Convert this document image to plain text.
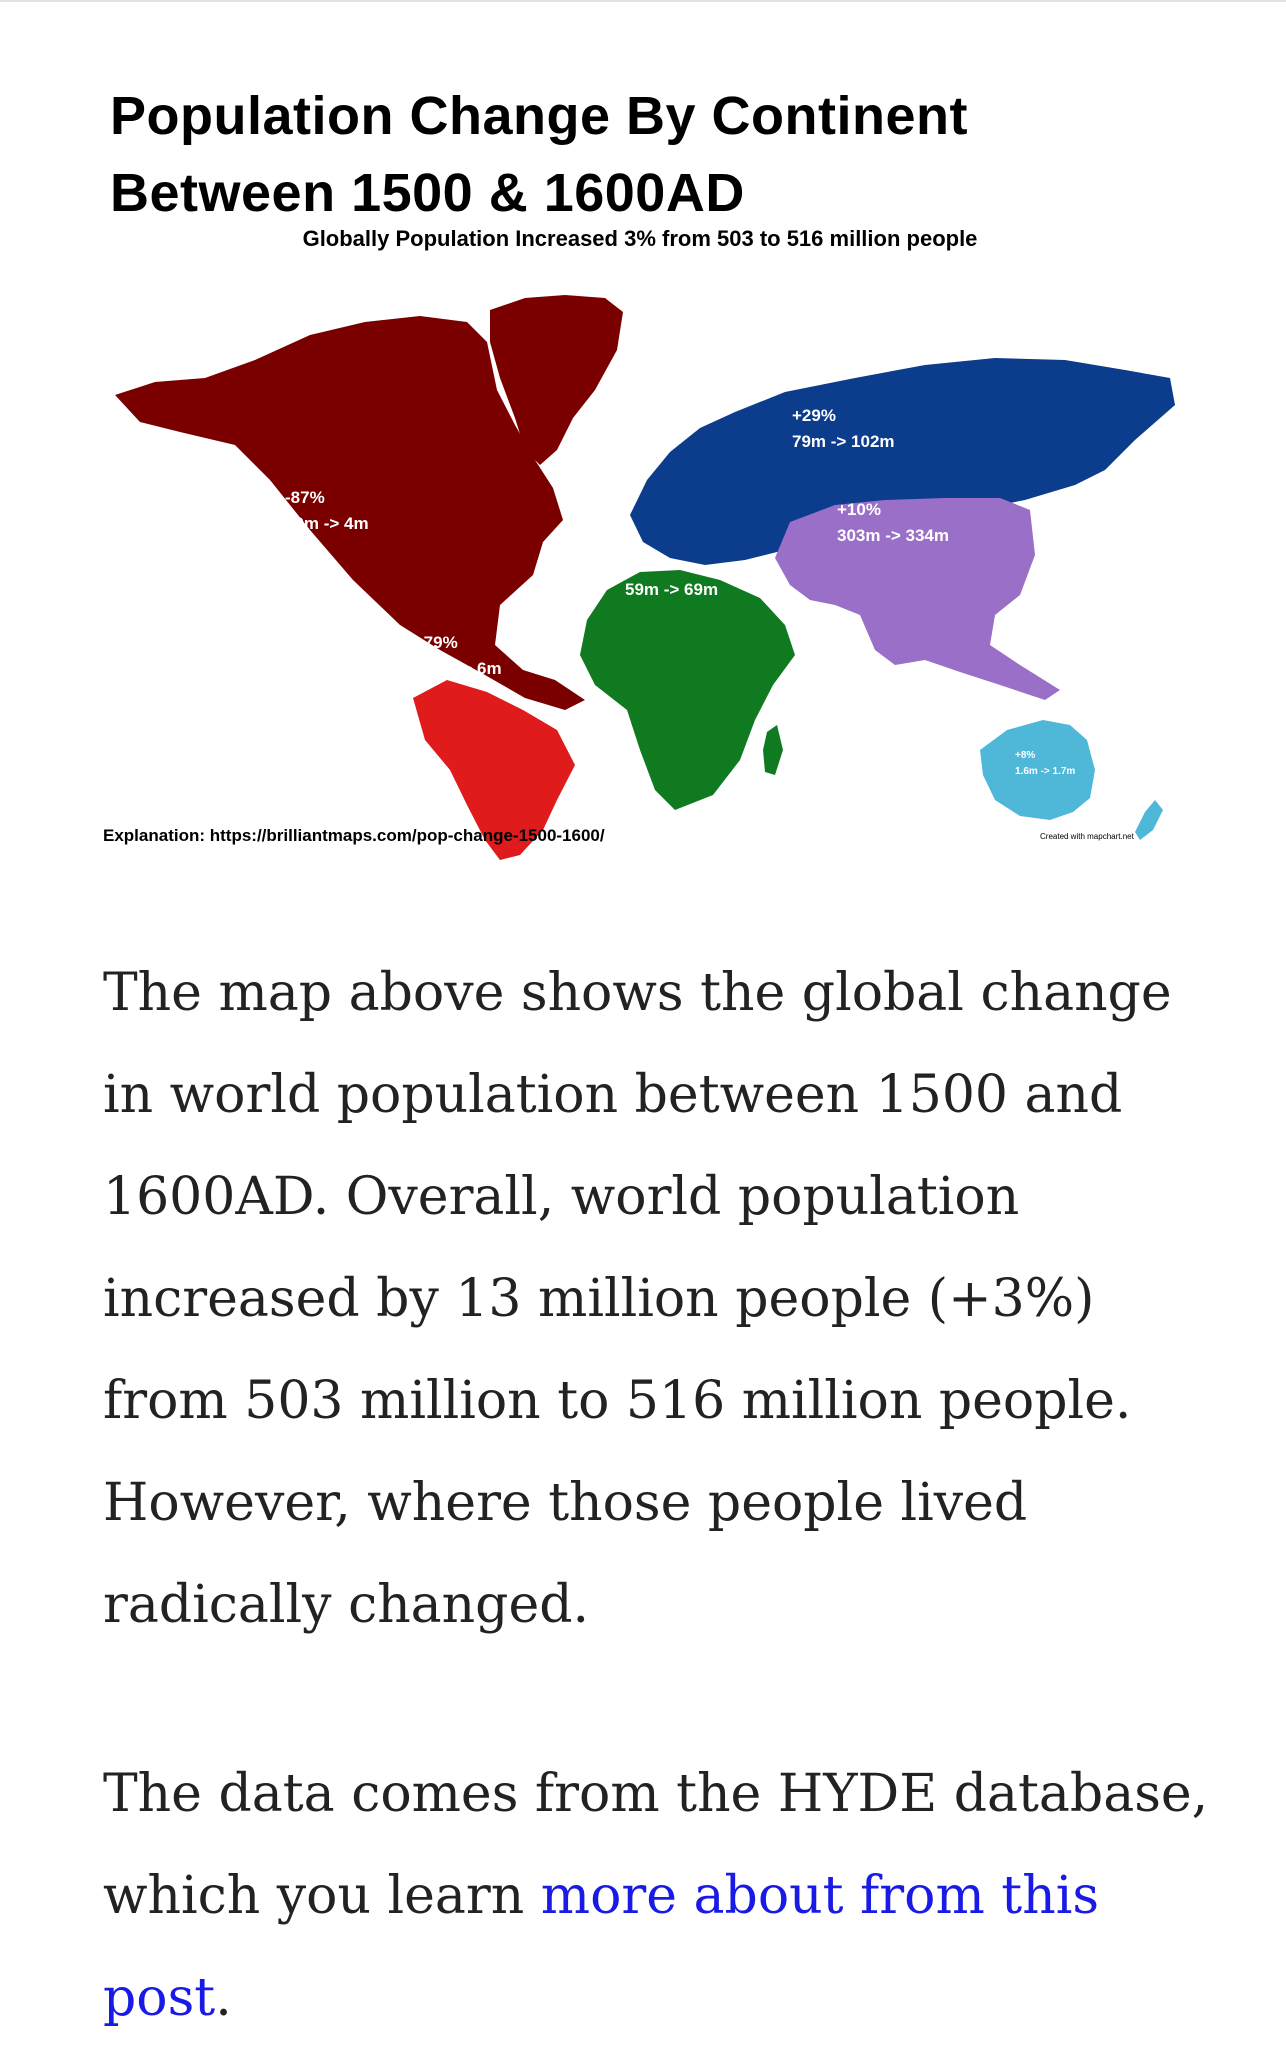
Population Change By Continent
Between 1500 & 1600AD
Globally Population Increased 3% from 503 to 516 million people
-87%
30m -> 4m
-79%
30m -> 6m
+29%
79m -> 102m
+10%
303m -> 334m
+17%
59m -> 69m
+8%
1.6m -> 1.7m
Explanation: https://brilliantmaps.com/pop-change-1500-1600/	Created with mapchart.net

The map above shows the global change in world population between 1500 and 1600AD. Overall, world population increased by 13 million people (+3%) from 503 million to 516 million people. However, where those people lived radically changed.

The data comes from the HYDE database, which you learn more about from this post.
